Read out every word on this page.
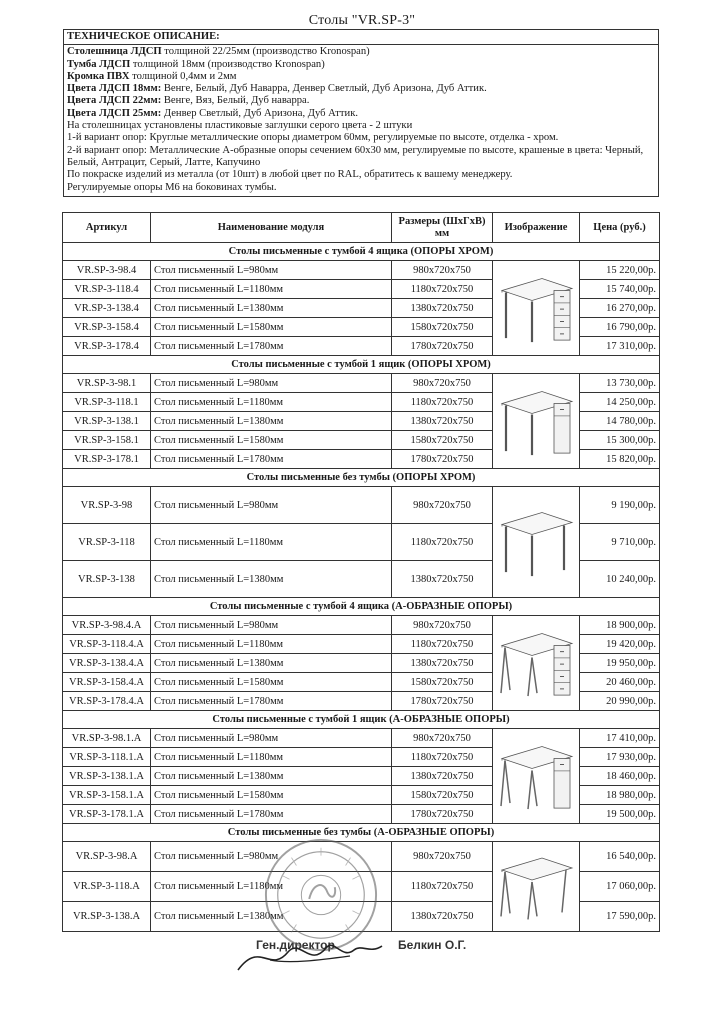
Столы "VR.SP-3"
ТЕХНИЧЕСКОЕ ОПИСАНИЕ:
Столешница ЛДСП толщиной 22/25мм (производство Kronospan)
Тумба ЛДСП толщиной 18мм (производство Kronospan)
Кромка ПВХ толщиной 0,4мм и 2мм
Цвета ЛДСП 18мм: Венге, Белый, Дуб Наварра, Денвер Светлый, Дуб Аризона, Дуб Аттик.
Цвета ЛДСП 22мм: Венге, Вяз, Белый, Дуб наварра.
Цвета ЛДСП 25мм: Денвер Светлый, Дуб Аризона, Дуб Аттик.
На столешницах установлены пластиковые заглушки серого цвета - 2 штуки
1-й вариант опор: Круглые металлические опоры диаметром 60мм, регулируемые по высоте, отделка - хром.
2-й вариант опор: Металлические А-образные опоры сечением 60х30 мм, регулируемые по высоте, крашеные в цвета: Черный, Белый, Антрацит, Серый, Латте, Капучино
По покраске изделий из металла (от 10шт) в любой цвет по RAL, обратитесь к вашему менеджеру.
Регулируемые опоры М6 на боковинах тумбы.
Артикул	Наименование модуля	Размеры (ШхГхВ) мм	Изображение	Цена (руб.)
Столы письменные с тумбой 4 ящика (ОПОРЫ ХРОМ)				
VR.SP-3-98.4	Стол письменный L=980мм	980х720х750		15 220,00р.
VR.SP-3-118.4	Стол письменный L=1180мм	1180х720х750		15 740,00р.
VR.SP-3-138.4	Стол письменный L=1380мм	1380х720х750		16 270,00р.
VR.SP-3-158.4	Стол письменный L=1580мм	1580х720х750		16 790,00р.
VR.SP-3-178.4	Стол письменный L=1780мм	1780х720х750		17 310,00р.
Столы письменные с тумбой 1 ящик (ОПОРЫ ХРОМ)				
VR.SP-3-98.1	Стол письменный L=980мм	980х720х750		13 730,00р.
VR.SP-3-118.1	Стол письменный L=1180мм	1180х720х750		14 250,00р.
VR.SP-3-138.1	Стол письменный L=1380мм	1380х720х750		14 780,00р.
VR.SP-3-158.1	Стол письменный L=1580мм	1580х720х750		15 300,00р.
VR.SP-3-178.1	Стол письменный L=1780мм	1780х720х750		15 820,00р.
Столы письменные без тумбы (ОПОРЫ ХРОМ)				
VR.SP-3-98	Стол письменный L=980мм	980х720х750		9 190,00р.
VR.SP-3-118	Стол письменный L=1180мм	1180х720х750		9 710,00р.
VR.SP-3-138	Стол письменный L=1380мм	1380х720х750		10 240,00р.
Столы письменные с тумбой 4 ящика (А-ОБРАЗНЫЕ ОПОРЫ)				
VR.SP-3-98.4.A	Стол письменный L=980мм	980х720х750		18 900,00р.
VR.SP-3-118.4.A	Стол письменный L=1180мм	1180х720х750		19 420,00р.
VR.SP-3-138.4.A	Стол письменный L=1380мм	1380х720х750		19 950,00р.
VR.SP-3-158.4.A	Стол письменный L=1580мм	1580х720х750		20 460,00р.
VR.SP-3-178.4.A	Стол письменный L=1780мм	1780х720х750		20 990,00р.
Столы письменные с тумбой 1 ящик (А-ОБРАЗНЫЕ ОПОРЫ)				
VR.SP-3-98.1.A	Стол письменный L=980мм	980х720х750		17 410,00р.
VR.SP-3-118.1.A	Стол письменный L=1180мм	1180х720х750		17 930,00р.
VR.SP-3-138.1.A	Стол письменный L=1380мм	1380х720х750		18 460,00р.
VR.SP-3-158.1.A	Стол письменный L=1580мм	1580х720х750		18 980,00р.
VR.SP-3-178.1.A	Стол письменный L=1780мм	1780х720х750		19 500,00р.
Столы письменные без тумбы (А-ОБРАЗНЫЕ ОПОРЫ)				
VR.SP-3-98.A	Стол письменный L=980мм	980х720х750		16 540,00р.
VR.SP-3-118.A	Стол письменный L=1180мм	1180х720х750		17 060,00р.
VR.SP-3-138.A	Стол письменный L=1380мм	1380х720х750		17 590,00р.
Ген.директор	Белкин О.Г.
